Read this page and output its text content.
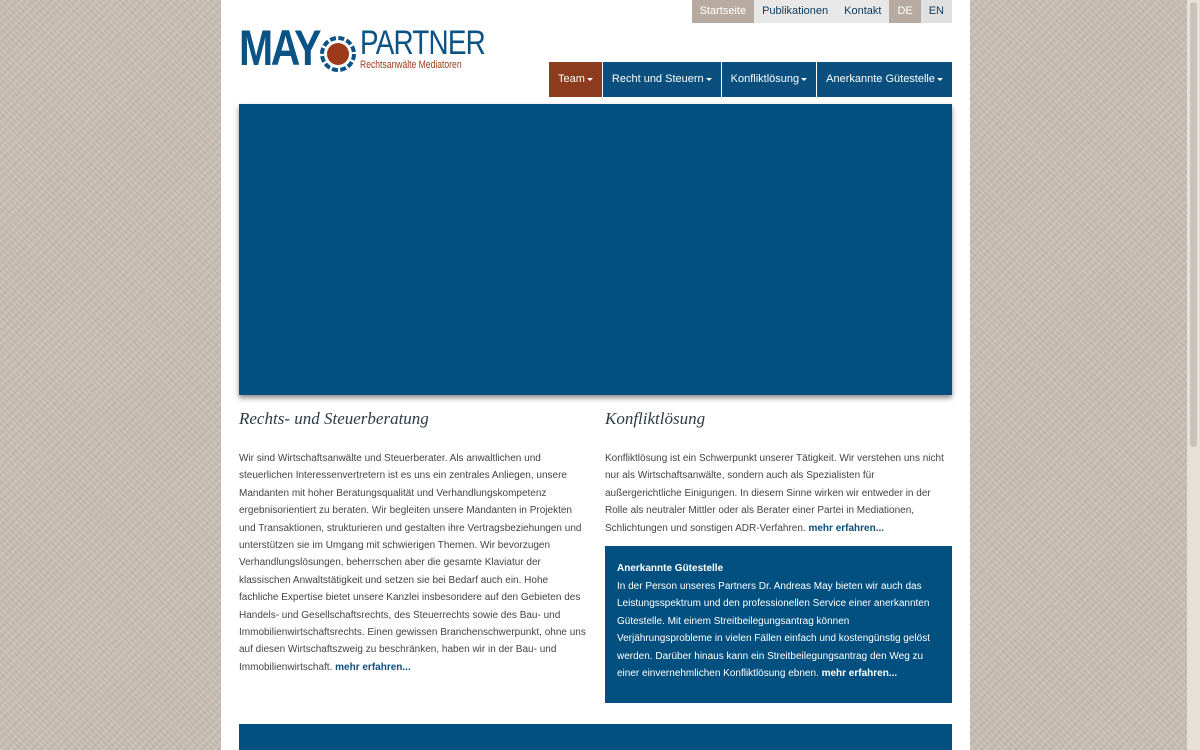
Startseite	Publikationen	Kontakt	DE	EN
MAY PARTNER
Rechtsanwälte Mediatoren
Team	Recht und Steuern	Konfliktlösung	Anerkannte Gütestelle
Rechts- und Steuerberatung

Wir sind Wirtschaftsanwälte und Steuerberater. Als anwaltlichen und steuerlichen Interessenvertretern ist es uns ein zentrales Anliegen, unsere Mandanten mit hoher Beratungsqualität und Verhandlungskompetenz ergebnisorientiert zu beraten. Wir begleiten unsere Mandanten in Projekten und Transaktionen, strukturieren und gestalten ihre Vertragsbeziehungen und unterstützen sie im Umgang mit schwierigen Themen. Wir bevorzugen Verhandlungslösungen, beherrschen aber die gesamte Klaviatur der klassischen Anwaltstätigkeit und setzen sie bei Bedarf auch ein. Hohe fachliche Expertise bietet unsere Kanzlei insbesondere auf den Gebieten des Handels- und Gesellschaftsrechts, des Steuerrechts sowie des Bau- und Immobilienwirtschaftsrechts. Einen gewissen Branchenschwerpunkt, ohne uns auf diesen Wirtschaftszweig zu beschränken, haben wir in der Bau- und Immobilienwirtschaft. mehr erfahren...

Konfliktlösung

Konfliktlösung ist ein Schwerpunkt unserer Tätigkeit. Wir verstehen uns nicht nur als Wirtschaftsanwälte, sondern auch als Spezialisten für außergerichtliche Einigungen. In diesem Sinne wirken wir entweder in der Rolle als neutraler Mittler oder als Berater einer Partei in Mediationen, Schlichtungen und sonstigen ADR-Verfahren. mehr erfahren...

Anerkannte Gütestelle

In der Person unseres Partners Dr. Andreas May bieten wir auch das Leistungsspektrum und den professionellen Service einer anerkannten Gütestelle. Mit einem Streitbeilegungsantrag können Verjährungsprobleme in vielen Fällen einfach und kostengünstig gelöst werden. Darüber hinaus kann ein Streitbeilegungsantrag den Weg zu einer einvernehmlichen Konfliktlösung ebnen. mehr erfahren...
